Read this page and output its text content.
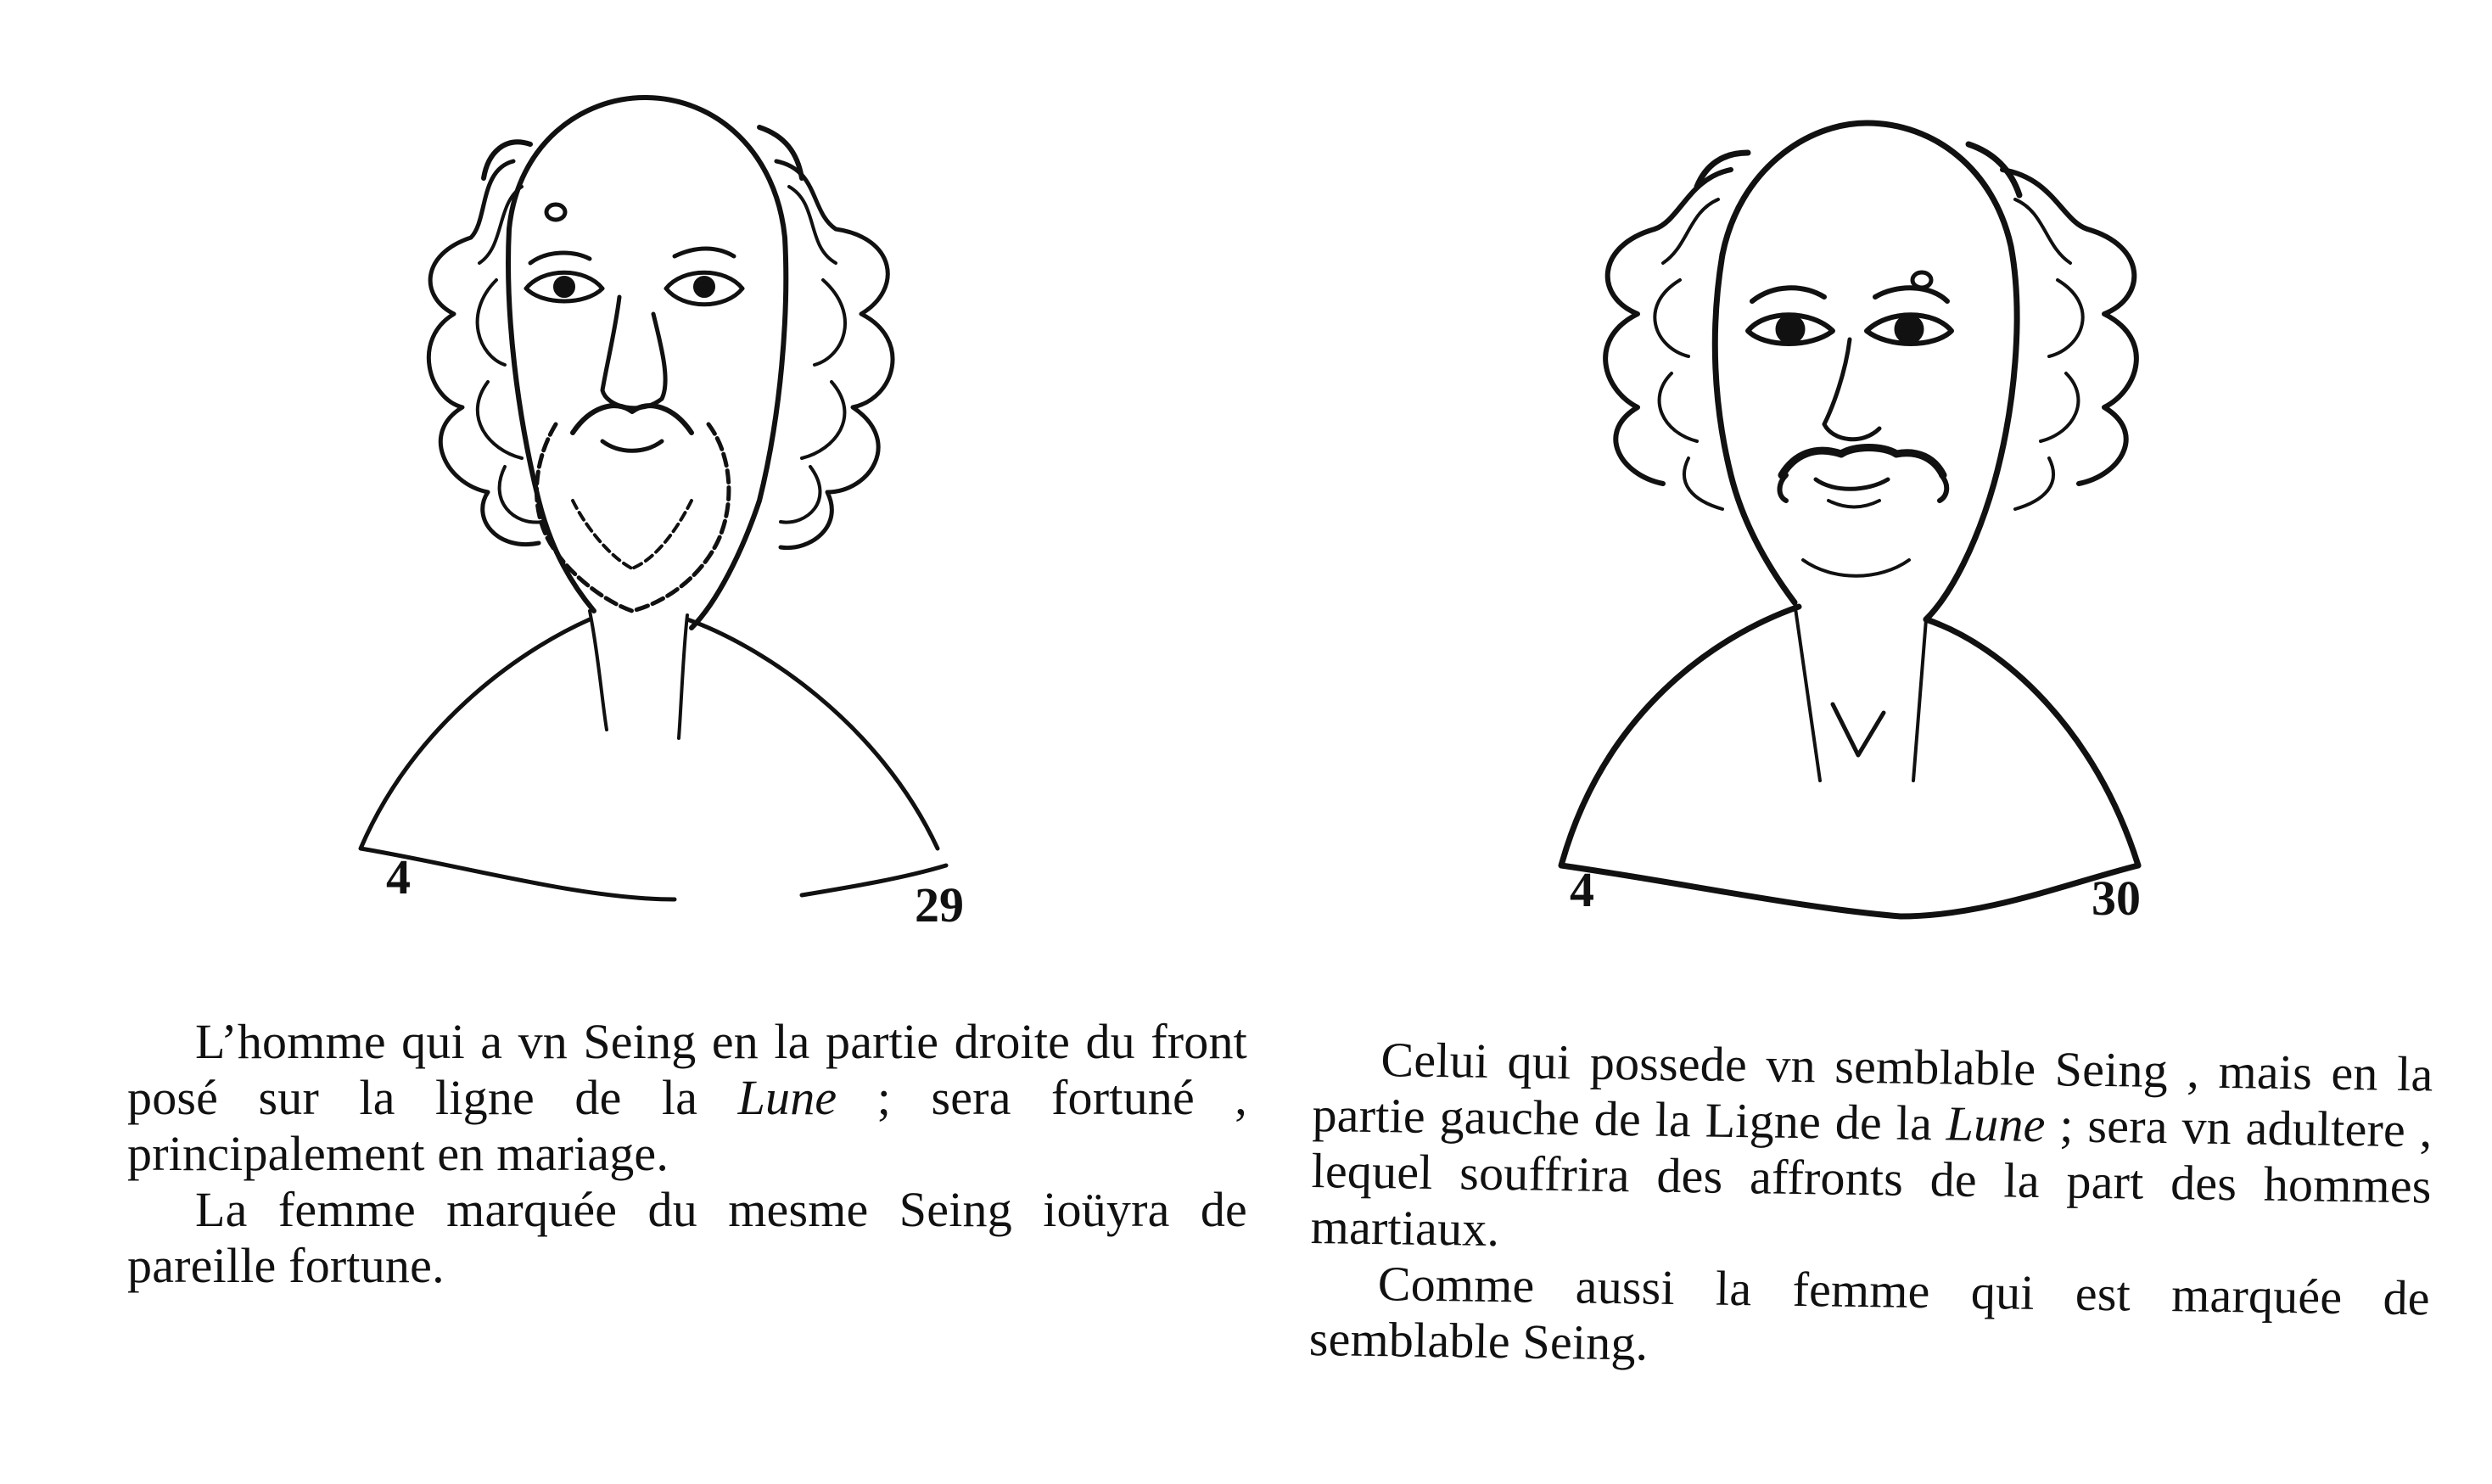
4
29	4	30

L’homme qui a vn Seing en la partie droite du front posé sur la ligne de la Lune ; sera fortuné , principalement en mariage.

La femme marquée du mesme Seing ioüyra de pareille fortune.

Celui qui possede vn semblable Seing , mais en la partie gauche de la Ligne de la Lune ; sera vn adultere , lequel souffrira des affronts de la part des hommes martiaux.

Comme aussi la femme qui est marquée de semblable Seing.
